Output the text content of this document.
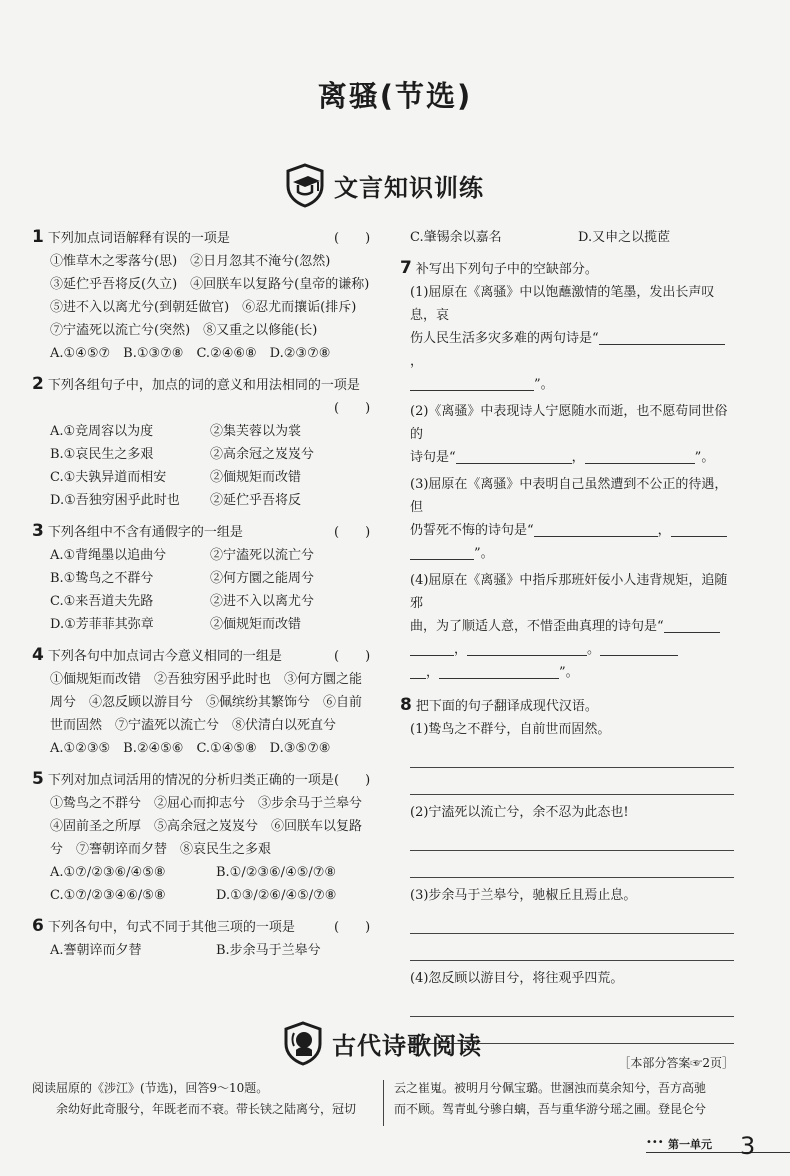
离骚(节选)
文言知识训练
1 下列加点词语解释有误的一项是	(　　)
①惟草木之零落兮(思)　②日月忽其不淹兮(忽然)
③延伫乎吾将反(久立)　④回朕车以复路兮(皇帝的谦称)
⑤进不入以离尤兮(到朝廷做官)　⑥忍尤而攘诟(排斥)
⑦宁溘死以流亡兮(突然)　⑧又重之以修能(长)
A.①④⑤⑦　B.①③⑦⑧　C.②④⑥⑧　D.②③⑦⑧
2 下列各组句子中，加点的词的意义和用法相同的一项是
(　　)
A.①竞周容以为度	②集芙蓉以为裳
B.①哀民生之多艰	②高余冠之岌岌兮
C.①夫孰异道而相安	②偭规矩而改错
D.①吾独穷困乎此时也	②延伫乎吾将反
3 下列各组中不含有通假字的一组是	(　　)
A.①背绳墨以追曲兮	②宁溘死以流亡兮
B.①鸷鸟之不群兮	②何方圜之能周兮
C.①来吾道夫先路	②进不入以离尤兮
D.①芳菲菲其弥章	②偭规矩而改错
4 下列各句中加点词古今意义相同的一组是	(　　)
①偭规矩而改错　②吾独穷困乎此时也　③何方圜之能
周兮　④忽反顾以游目兮　⑤佩缤纷其繁饰兮　⑥自前
世而固然　⑦宁溘死以流亡兮　⑧伏清白以死直兮
A.①②③⑤　B.②④⑤⑥　C.①④⑤⑧　D.③⑤⑦⑧
5 下列对加点词活用的情况的分析归类正确的一项是 (　　)
①鸷鸟之不群兮　②屈心而抑志兮　③步余马于兰皋兮
④固前圣之所厚　⑤高余冠之岌岌兮　⑥回朕车以复路
兮　⑦謇朝谇而夕替　⑧哀民生之多艰
A.①⑦/②③⑥/④⑤⑧	B.①/②③⑥/④⑤/⑦⑧
C.①⑦/②③④⑥/⑤⑧	D.①③/②⑥/④⑤/⑦⑧
6 下列各句中，句式不同于其他三项的一项是	(　　)
A.謇朝谇而夕替	B.步余马于兰皋兮
C.肇锡余以嘉名	D.又申之以揽茝
7 补写出下列句子中的空缺部分。
(1)屈原在《离骚》中以饱蘸激情的笔墨，发出长声叹息，哀
伤人民生活多灾多难的两句诗是“，
”。
(2)《离骚》中表现诗人宁愿随水而逝，也不愿苟同世俗的
诗句是“	，	”。
(3)屈原在《离骚》中表明自己虽然遭到不公正的待遇，但
仍誓死不悔的诗句是“	，
”。
(4)屈原在《离骚》中指斥那班奸佞小人违背规矩，追随邪
曲，为了顺适人意，不惜歪曲真理的诗句是“
，	。
，	”。
8 把下面的句子翻译成现代汉语。
(1)鸷鸟之不群兮，自前世而固然。
(2)宁溘死以流亡兮，余不忍为此态也!
(3)步余马于兰皋兮，驰椒丘且焉止息。
(4)忽反顾以游目兮，将往观乎四荒。
［本部分答案☞2页］
古代诗歌阅读
阅读屈原的《涉江》(节选)，回答9～10题。
余幼好此奇服兮，年既老而不衰。带长铗之陆离兮，冠切
云之崔嵬。被明月兮佩宝璐。世溷浊而莫余知兮，吾方高驰
而不顾。驾青虬兮骖白螭，吾与重华游兮瑶之圃。登昆仑兮
••• 第一单元 3
